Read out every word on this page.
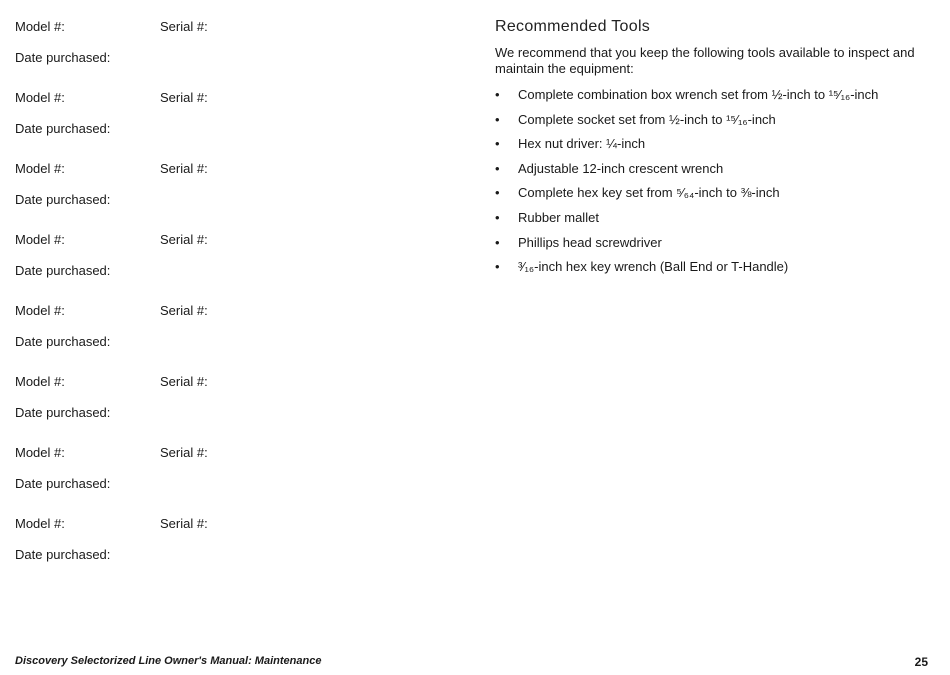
Model #:	Serial #:
Date purchased:
Model #:	Serial #:
Date purchased:
Model #:	Serial #:
Date purchased:
Model #:	Serial #:
Date purchased:
Model #:	Serial #:
Date purchased:
Model #:	Serial #:
Date purchased:
Model #:	Serial #:
Date purchased:
Model #:	Serial #:
Date purchased:
Recommended Tools

We recommend that you keep the following tools available to inspect and maintain the equipment:

• Complete combination box wrench set from ½-inch to ¹⁵⁄₁₆-inch
• Complete socket set from ½-inch to ¹⁵⁄₁₆-inch
• Hex nut driver: ¼-inch
• Adjustable 12-inch crescent wrench
• Complete hex key set from ⁵⁄₆₄-inch to ⅜-inch
• Rubber mallet
• Phillips head screwdriver
• ³⁄₁₆-inch hex key wrench (Ball End or T-Handle)
Discovery Selectorized Line Owner's Manual: Maintenance	25
